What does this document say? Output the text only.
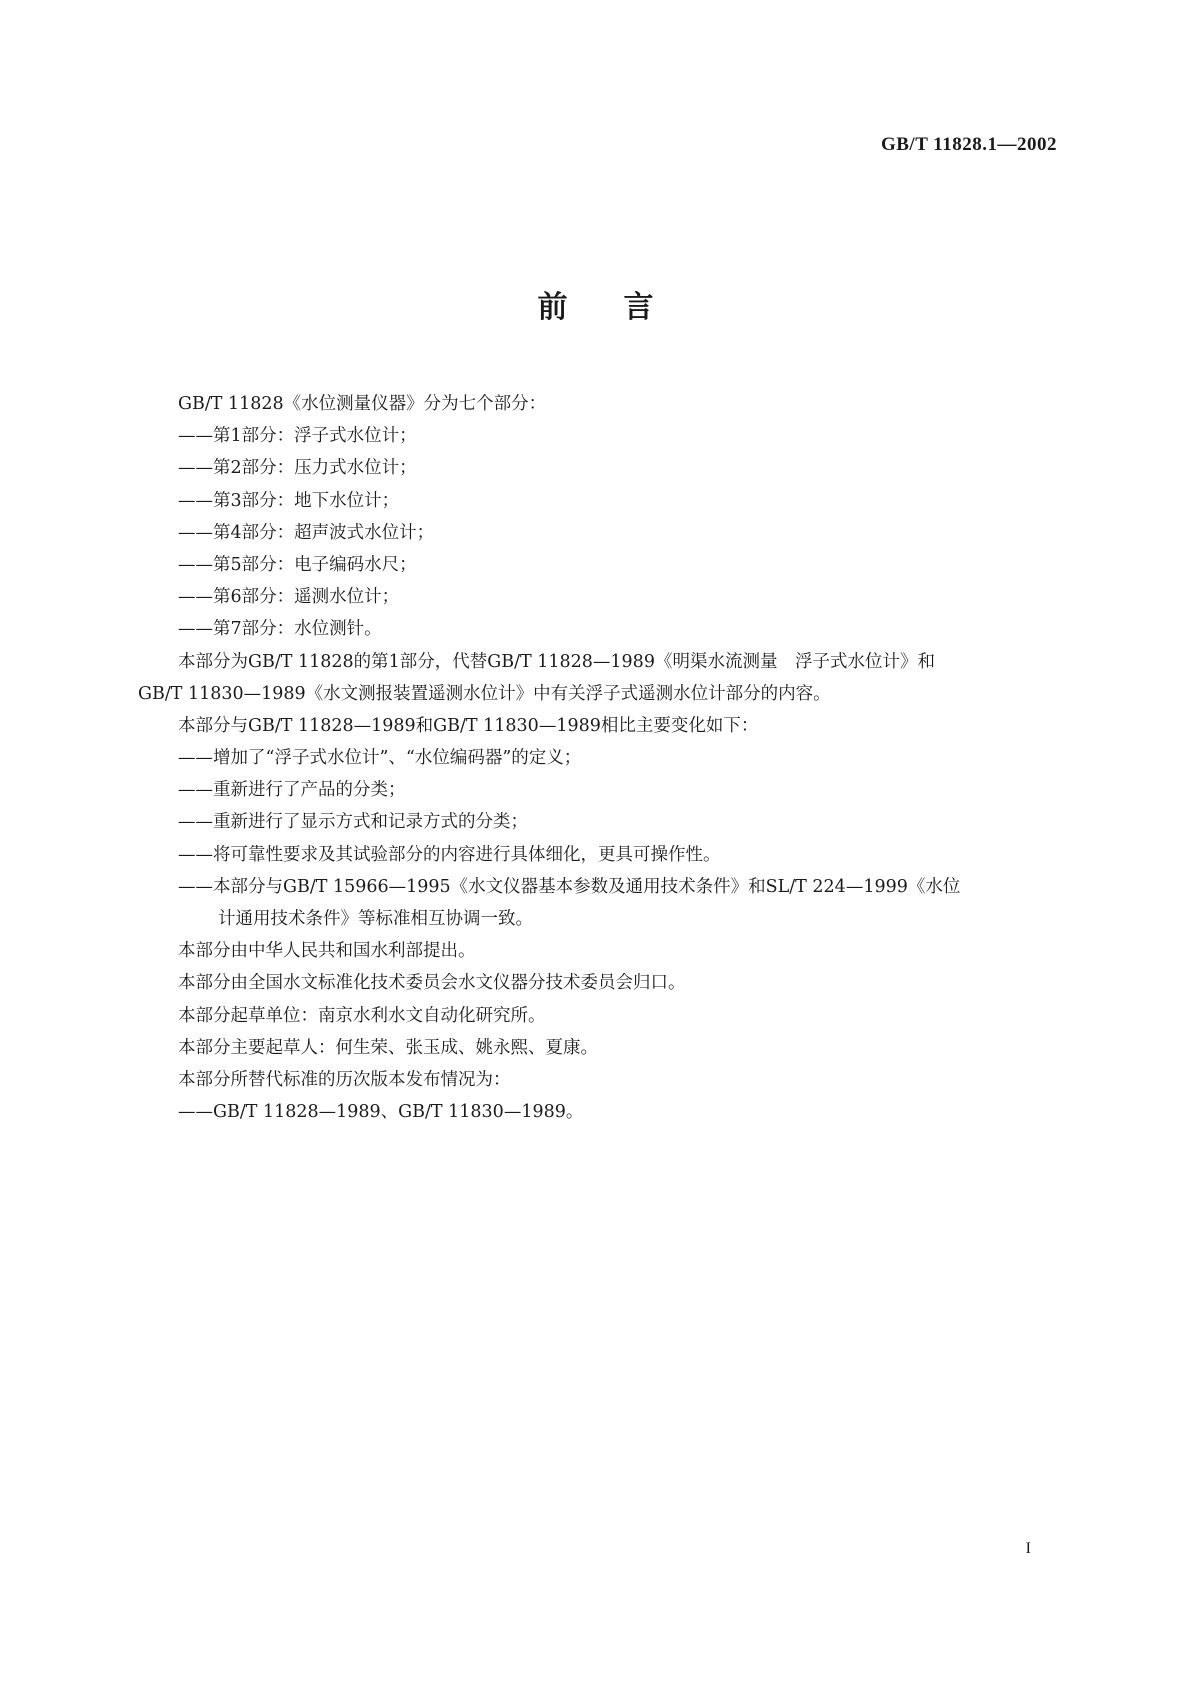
GB/T 11828.1—2002
前言
GB/T 11828《水位测量仪器》分为七个部分：
——第1部分：浮子式水位计；
——第2部分：压力式水位计；
——第3部分：地下水位计；
——第4部分：超声波式水位计；
——第5部分：电子编码水尺；
——第6部分：遥测水位计；
——第7部分：水位测针。
本部分为GB/T 11828的第1部分，代替GB/T 11828—1989《明渠水流测量　浮子式水位计》和
GB/T 11830—1989《水文测报装置遥测水位计》中有关浮子式遥测水位计部分的内容。
本部分与GB/T 11828—1989和GB/T 11830—1989相比主要变化如下：
——增加了“浮子式水位计”、“水位编码器”的定义；
——重新进行了产品的分类；
——重新进行了显示方式和记录方式的分类；
——将可靠性要求及其试验部分的内容进行具体细化，更具可操作性。
——本部分与GB/T 15966—1995《水文仪器基本参数及通用技术条件》和SL/T 224—1999《水位
计通用技术条件》等标准相互协调一致。
本部分由中华人民共和国水利部提出。
本部分由全国水文标准化技术委员会水文仪器分技术委员会归口。
本部分起草单位：南京水利水文自动化研究所。
本部分主要起草人：何生荣、张玉成、姚永熙、夏康。
本部分所替代标准的历次版本发布情况为：
——GB/T 11828—1989、GB/T 11830—1989。
I
